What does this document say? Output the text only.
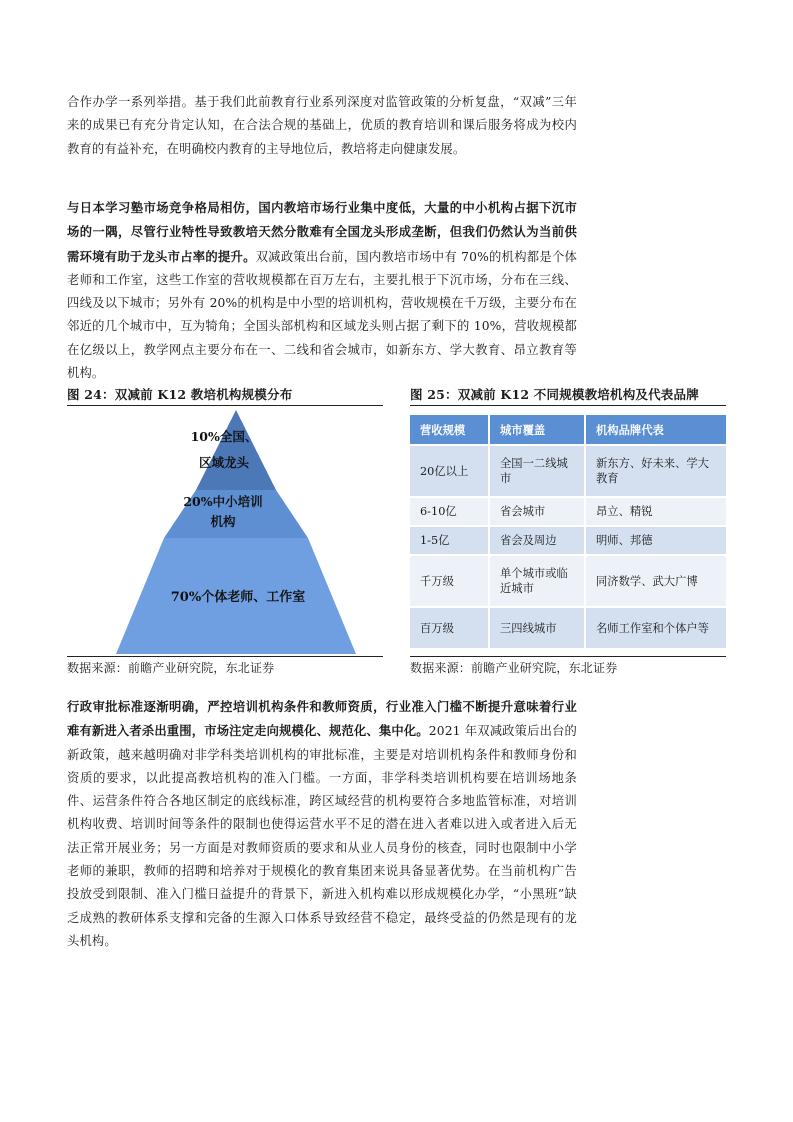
合作办学一系列举措。基于我们此前教育行业系列深度对监管政策的分析复盘，“双减”三年来的成果已有充分肯定认知，在合法合规的基础上，优质的教育培训和课后服务将成为校内教育的有益补充，在明确校内教育的主导地位后，教培将走向健康发展。

与日本学习塾市场竞争格局相仿，国内教培市场行业集中度低，大量的中小机构占据下沉市场的一隅，尽管行业特性导致教培天然分散难有全国龙头形成垄断，但我们仍然认为当前供需环境有助于龙头市占率的提升。双减政策出台前，国内教培市场中有 70%的机构都是个体老师和工作室，这些工作室的营收规模都在百万左右，主要扎根于下沉市场，分布在三线、四线及以下城市；另外有 20%的机构是中小型的培训机构，营收规模在千万级，主要分布在邻近的几个城市中，互为犄角；全国头部机构和区域龙头则占据了剩下的 10%，营收规模都在亿级以上，教学网点主要分布在一、二线和省会城市，如新东方、学大教育、昂立教育等机构。

图 24：双减前 K12 教培机构规模分布
10%全国、
区域龙头
20%中小培训
机构
70%个体老师、工作室
数据来源：前瞻产业研究院，东北证券
图 25：双减前 K12 不同规模教培机构及代表品牌
营收规模	城市覆盖	机构品牌代表
20亿以上	全国一二线城市	新东方、好未来、学大教育
6-10亿	省会城市	昂立、精锐
1-5亿	省会及周边	明师、邦德
千万级	单个城市或临近城市	同济数学、武大广博
百万级	三四线城市	名师工作室和个体户等
数据来源：前瞻产业研究院，东北证券

行政审批标准逐渐明确，严控培训机构条件和教师资质，行业准入门槛不断提升意味着行业难有新进入者杀出重围，市场注定走向规模化、规范化、集中化。2021 年双减政策后出台的新政策，越来越明确对非学科类培训机构的审批标准，主要是对培训机构条件和教师身份和资质的要求，以此提高教培机构的准入门槛。一方面，非学科类培训机构要在培训场地条件、运营条件符合各地区制定的底线标准，跨区域经营的机构要符合多地监管标准，对培训机构收费、培训时间等条件的限制也使得运营水平不足的潜在进入者难以进入或者进入后无法正常开展业务；另一方面是对教师资质的要求和从业人员身份的核查，同时也限制中小学老师的兼职，教师的招聘和培养对于规模化的教育集团来说具备显著优势。在当前机构广告投放受到限制、准入门槛日益提升的背景下，新进入机构难以形成规模化办学，“小黑班”缺乏成熟的教研体系支撑和完备的生源入口体系导致经营不稳定，最终受益的仍然是现有的龙头机构。
